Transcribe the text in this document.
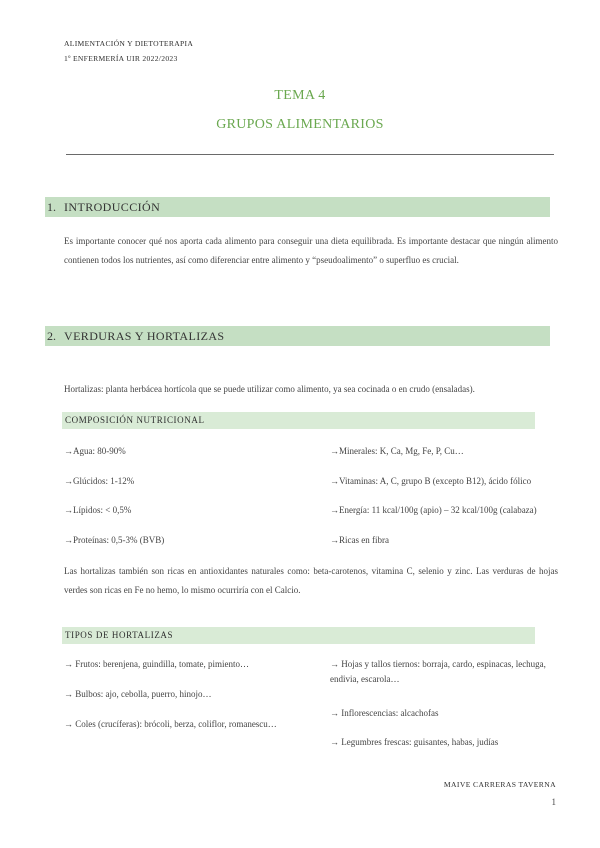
ALIMENTACIÓN Y DIETOTERAPIA
1º ENFERMERÍA UIR 2022/2023
TEMA 4
GRUPOS ALIMENTARIOS
1. INTRODUCCIÓN
Es importante conocer qué nos aporta cada alimento para conseguir una dieta equilibrada. Es importante destacar que ningún alimento contienen todos los nutrientes, así como diferenciar entre alimento y “pseudoalimento” o superfluo es crucial.
2. VERDURAS Y HORTALIZAS
Hortalizas: planta herbácea hortícola que se puede utilizar como alimento, ya sea cocinada o en crudo (ensaladas).
COMPOSICIÓN NUTRICIONAL
→Agua: 80-90%
→Glúcidos: 1-12%
→Lípidos: < 0,5%
→Proteínas: 0,5-3% (BVB)
→Minerales: K, Ca, Mg, Fe, P, Cu…
→Vitaminas: A, C, grupo B (excepto B12), ácido fólico
→Energía: 11 kcal/100g (apio) – 32 kcal/100g (calabaza)
→Ricas en fibra
Las hortalizas también son ricas en antioxidantes naturales como: beta-carotenos, vitamina C, selenio y zinc. Las verduras de hojas verdes son ricas en Fe no hemo, lo mismo ocurriría con el Calcio.
TIPOS DE HORTALIZAS
→ Frutos: berenjena, guindilla, tomate, pimiento…
→ Bulbos: ajo, cebolla, puerro, hinojo…
→ Coles (crucíferas): brócoli, berza, coliflor, romanescu…
→ Hojas y tallos tiernos: borraja, cardo, espinacas, lechuga, endivia, escarola…
→ Inflorescencias: alcachofas
→ Legumbres frescas: guisantes, habas, judías
MAIVE CARRERAS TAVERNA
1
